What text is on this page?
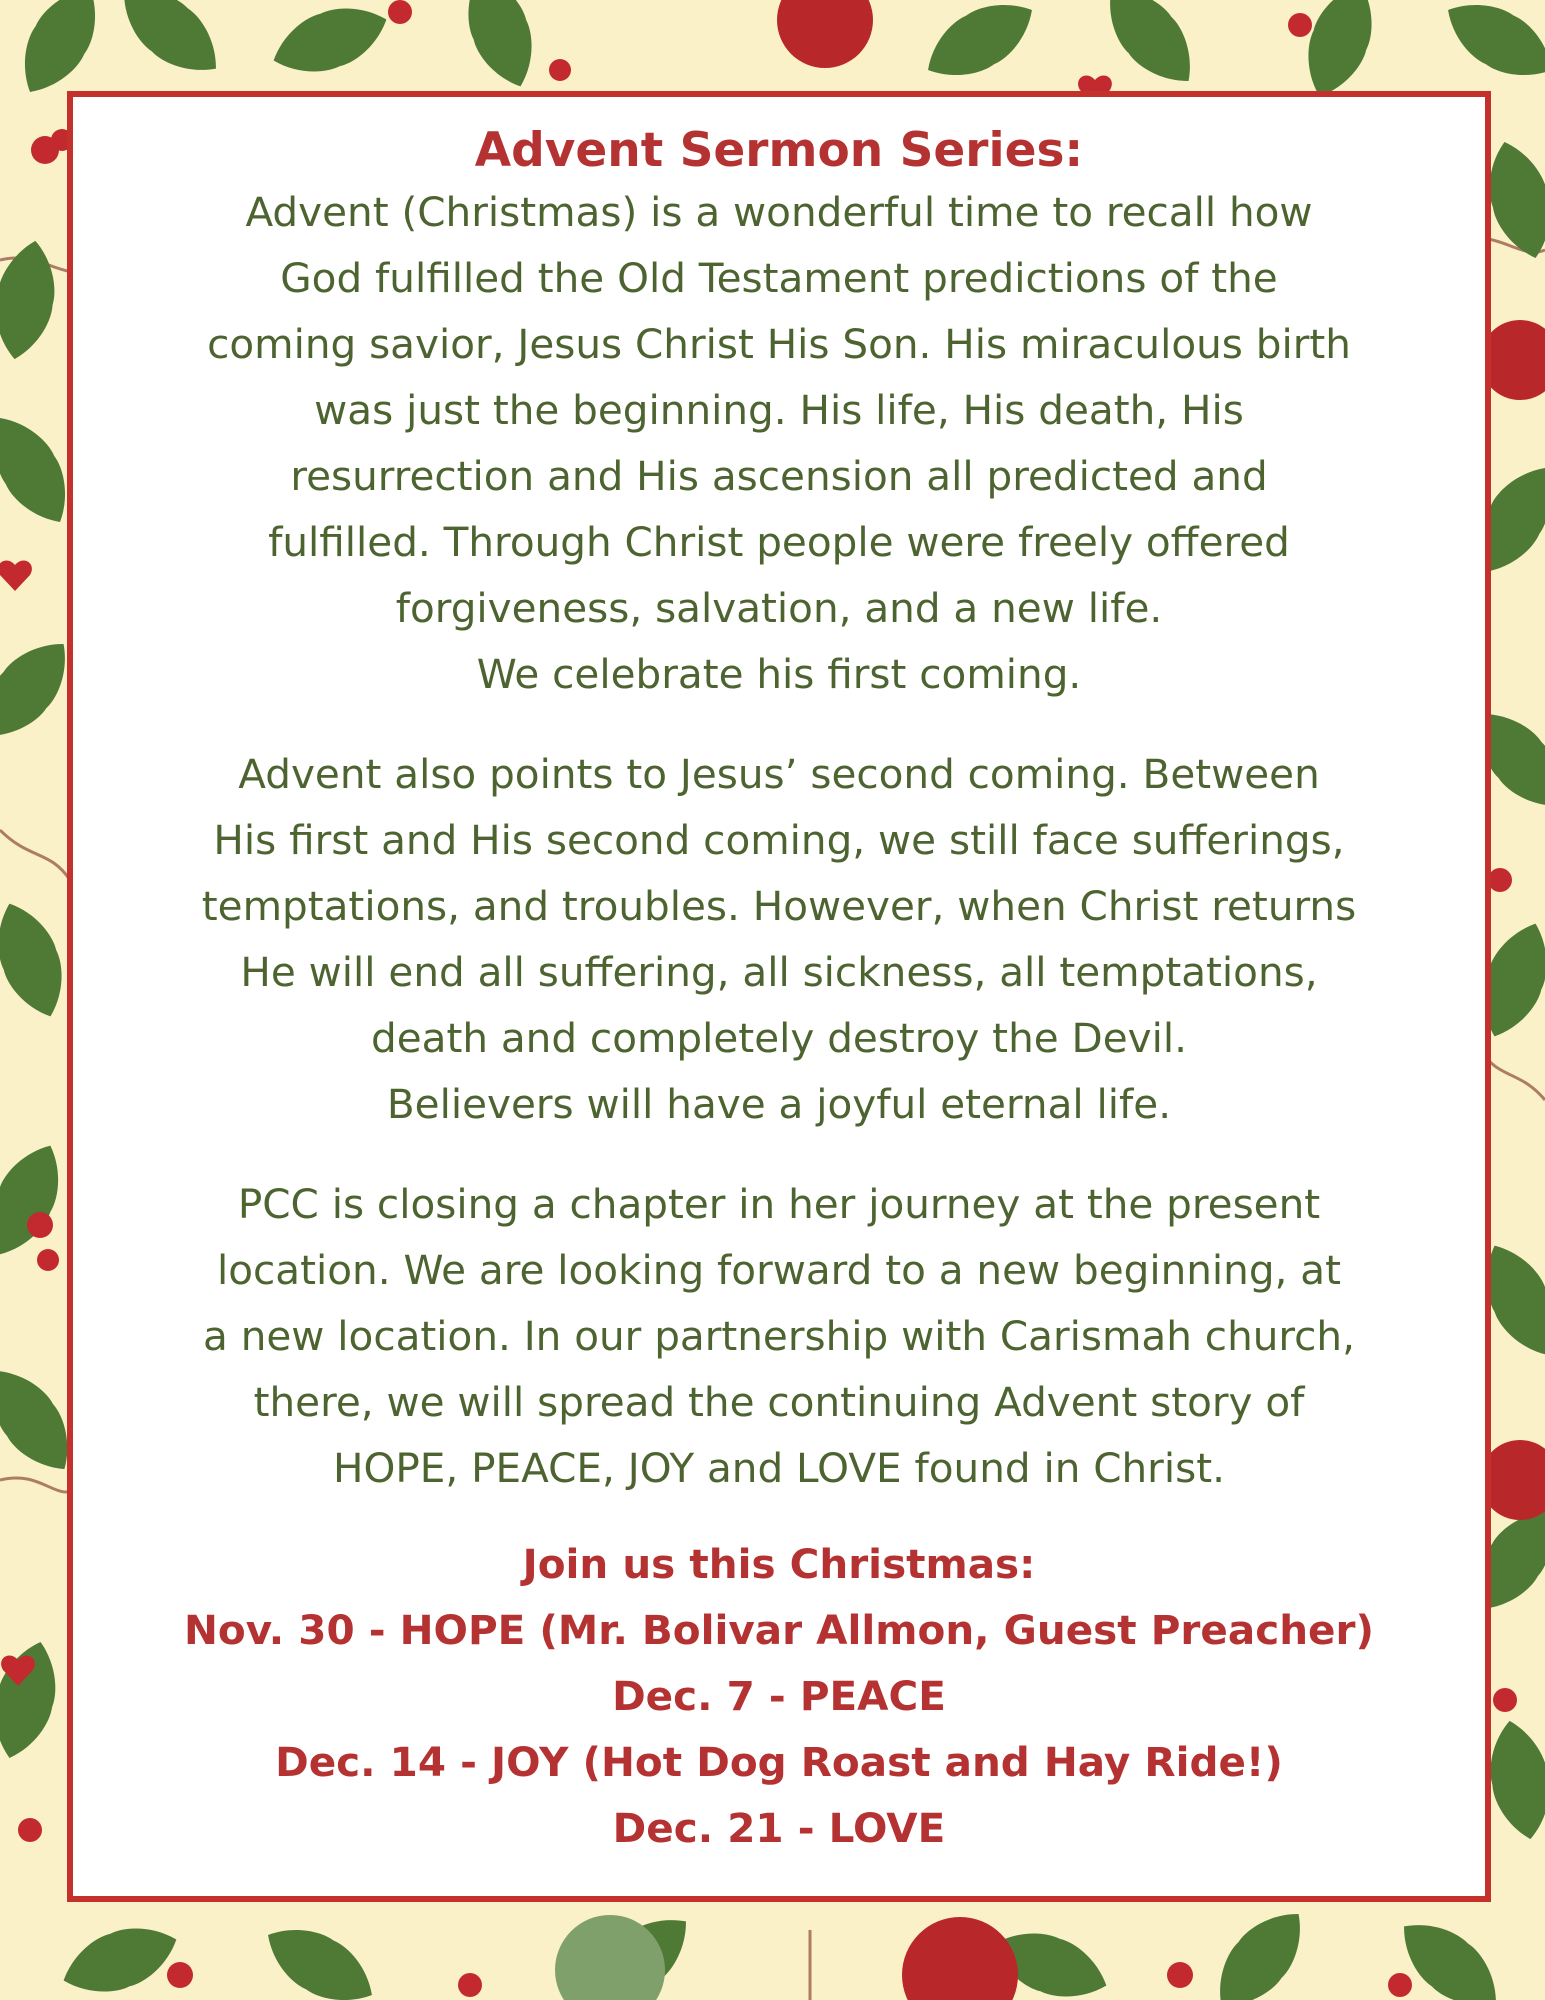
Advent Sermon Series:

Advent (Christmas) is a wonderful time to recall how
God fulfilled the Old Testament predictions of the
coming savior, Jesus Christ His Son. His miraculous birth
was just the beginning. His life, His death, His
resurrection and His ascension all predicted and
fulfilled. Through Christ people were freely offered
forgiveness, salvation, and a new life.
We celebrate his first coming.

Advent also points to Jesus’ second coming. Between
His first and His second coming, we still face sufferings,
temptations, and troubles. However, when Christ returns
He will end all suffering, all sickness, all temptations,
death and completely destroy the Devil.
Believers will have a joyful eternal life.

PCC is closing a chapter in her journey at the present
location. We are looking forward to a new beginning, at
a new location. In our partnership with Carismah church,
there, we will spread the continuing Advent story of
HOPE, PEACE, JOY and LOVE found in Christ.

Join us this Christmas:
Nov. 30 - HOPE (Mr. Bolivar Allmon, Guest Preacher)
Dec. 7 - PEACE
Dec. 14 - JOY (Hot Dog Roast and Hay Ride!)
Dec. 21 - LOVE
